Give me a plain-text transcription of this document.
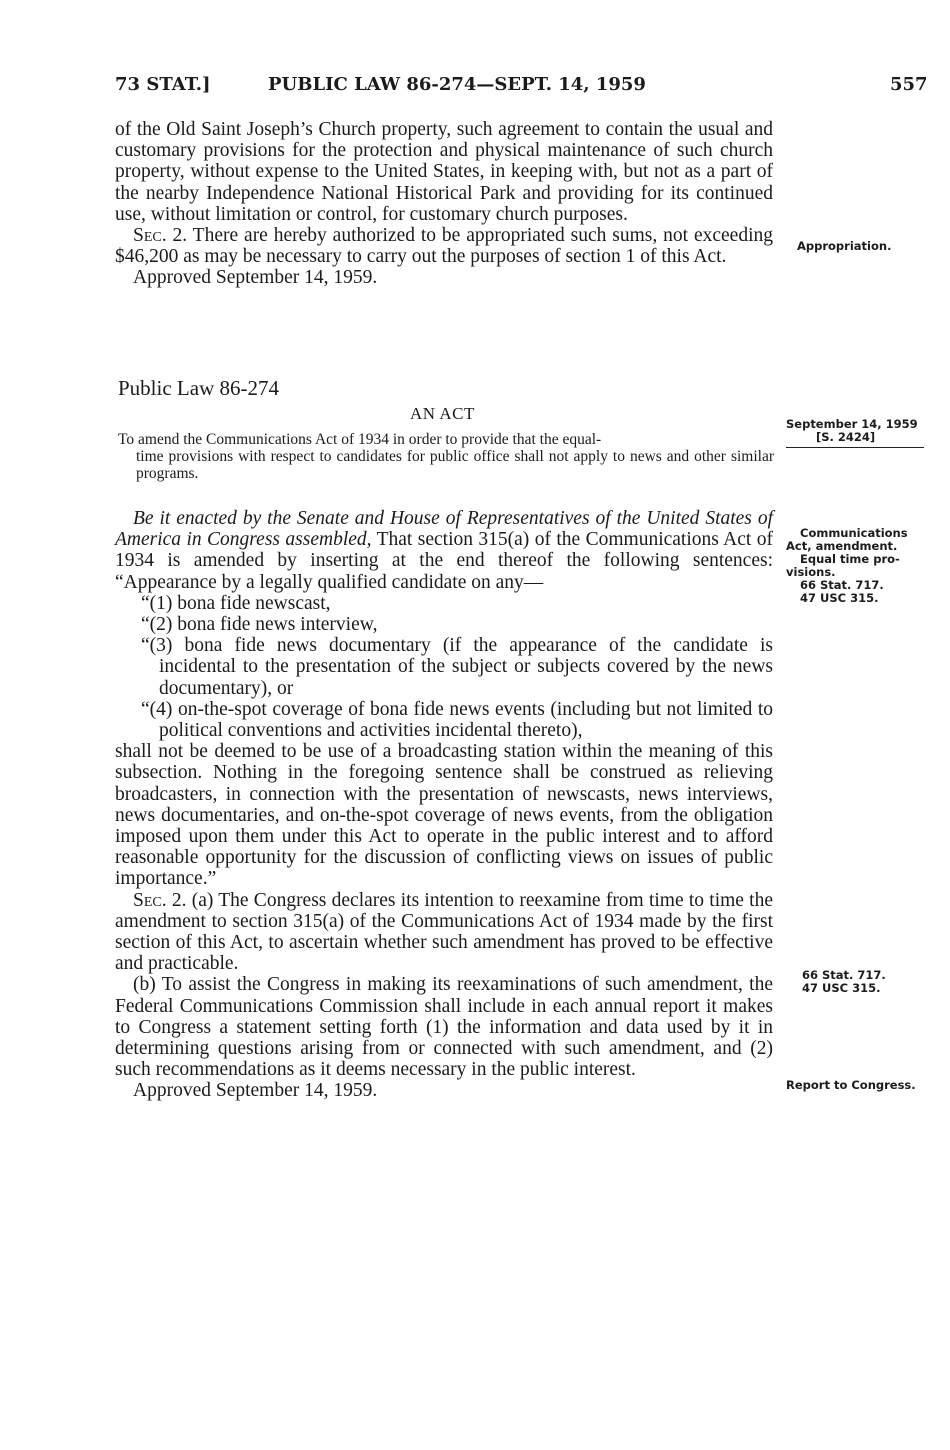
73 STAT.]	PUBLIC LAW 86-274—SEPT. 14, 1959	557

of the Old Saint Joseph’s Church property, such agreement to contain the usual and customary provisions for the protection and physical maintenance of such church property, without expense to the United States, in keeping with, but not as a part of the nearby Independence National Historical Park and providing for its continued use, without limitation or control, for customary church purposes.

Sec. 2. There are hereby authorized to be appropriated such sums, not exceeding $46,200 as may be necessary to carry out the purposes of section 1 of this Act.

Approved September 14, 1959.

Public Law 86-274
AN ACT
To amend the Communications Act of 1934 in order to provide that the equal-
time provisions with respect to candidates for public office shall not apply to news and other similar programs.

Be it enacted by the Senate and House of Representatives of the United States of America in Congress assembled, That section 315(a) of the Communications Act of 1934 is amended by inserting at the end thereof the following sentences: “Appearance by a legally qualified candidate on any—

“(1) bona fide newscast,

“(2) bona fide news interview,

“(3) bona fide news documentary (if the appearance of the candidate is incidental to the presentation of the subject or subjects covered by the news documentary), or

“(4) on-the-spot coverage of bona fide news events (including but not limited to political conventions and activities incidental thereto),

shall not be deemed to be use of a broadcasting station within the meaning of this subsection. Nothing in the foregoing sentence shall be construed as relieving broadcasters, in connection with the presentation of newscasts, news interviews, news documentaries, and on-the-spot coverage of news events, from the obligation imposed upon them under this Act to operate in the public interest and to afford reasonable opportunity for the discussion of conflicting views on issues of public importance.”

Sec. 2. (a) The Congress declares its intention to reexamine from time to time the amendment to section 315(a) of the Communications Act of 1934 made by the first section of this Act, to ascertain whether such amendment has proved to be effective and practicable.

(b) To assist the Congress in making its reexaminations of such amendment, the Federal Communications Commission shall include in each annual report it makes to Congress a statement setting forth (1) the information and data used by it in determining questions arising from or connected with such amendment, and (2) such recommendations as it deems necessary in the public interest.

Approved September 14, 1959.

Appropriation.
September 14, 1959
[S. 2424]
Communications
Act, amendment.
Equal time pro-
visions.
66 Stat. 717.
47 USC 315.
66 Stat. 717.
47 USC 315.
Report to Congress.
